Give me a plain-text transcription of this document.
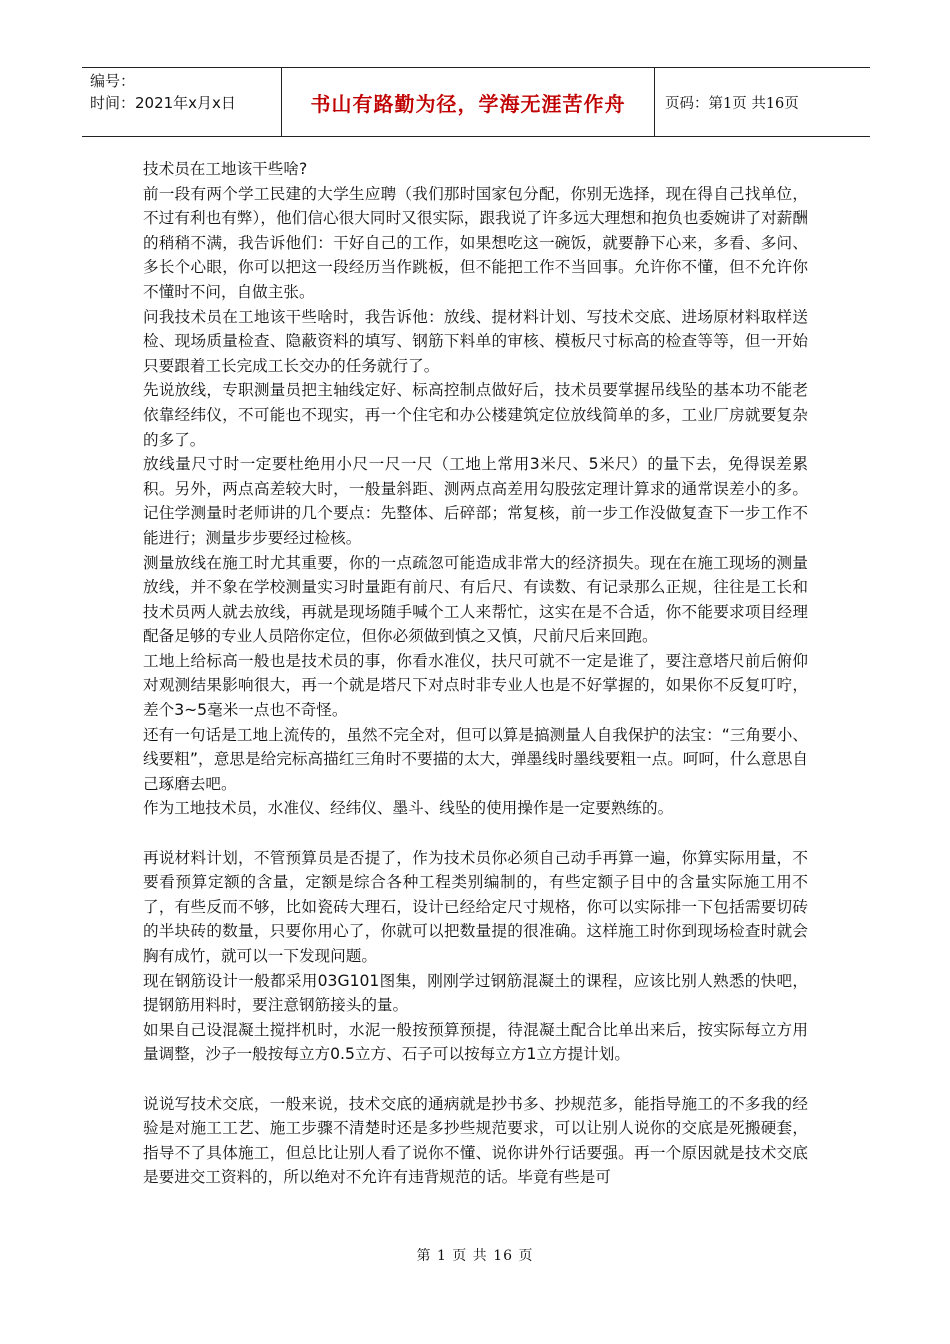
编号：
时间：2021年x月x日	书山有路勤为径，学海无涯苦作舟	页码：第1页 共16页

技术员在工地该干些啥?

前一段有两个学工民建的大学生应聘（我们那时国家包分配，你别无选择，现在得自己找单位，不过有利也有弊），他们信心很大同时又很实际，跟我说了许多远大理想和抱负也委婉讲了对薪酬的稍稍不满，我告诉他们：干好自己的工作，如果想吃这一碗饭，就要静下心来，多看、多问、多长个心眼，你可以把这一段经历当作跳板，但不能把工作不当回事。允许你不懂，但不允许你不懂时不问，自做主张。

问我技术员在工地该干些啥时，我告诉他：放线、提材料计划、写技术交底、进场原材料取样送检、现场质量检查、隐蔽资料的填写、钢筋下料单的审核、模板尺寸标高的检查等等，但一开始只要跟着工长完成工长交办的任务就行了。

先说放线，专职测量员把主轴线定好、标高控制点做好后，技术员要掌握吊线坠的基本功不能老依靠经纬仪，不可能也不现实，再一个住宅和办公楼建筑定位放线简单的多，工业厂房就要复杂的多了。

放线量尺寸时一定要杜绝用小尺一尺一尺（工地上常用3米尺、5米尺）的量下去，免得误差累积。另外，两点高差较大时，一般量斜距、测两点高差用勾股弦定理计算求的通常误差小的多。记住学测量时老师讲的几个要点：先整体、后碎部；常复核，前一步工作没做复查下一步工作不能进行；测量步步要经过检核。

测量放线在施工时尤其重要，你的一点疏忽可能造成非常大的经济损失。现在在施工现场的测量放线，并不象在学校测量实习时量距有前尺、有后尺、有读数、有记录那么正规，往往是工长和技术员两人就去放线，再就是现场随手喊个工人来帮忙，这实在是不合适，你不能要求项目经理配备足够的专业人员陪你定位，但你必须做到慎之又慎，尺前尺后来回跑。

工地上给标高一般也是技术员的事，你看水准仪，扶尺可就不一定是谁了，要注意塔尺前后俯仰对观测结果影响很大，再一个就是塔尺下对点时非专业人也是不好掌握的，如果你不反复叮咛，差个3~5毫米一点也不奇怪。

还有一句话是工地上流传的，虽然不完全对，但可以算是搞测量人自我保护的法宝：“三角要小、线要粗”，意思是给完标高描红三角时不要描的太大，弹墨线时墨线要粗一点。呵呵，什么意思自己琢磨去吧。

作为工地技术员，水准仪、经纬仪、墨斗、线坠的使用操作是一定要熟练的。

再说材料计划，不管预算员是否提了，作为技术员你必须自己动手再算一遍，你算实际用量，不要看预算定额的含量，定额是综合各种工程类别编制的，有些定额子目中的含量实际施工用不了，有些反而不够，比如瓷砖大理石，设计已经给定尺寸规格，你可以实际排一下包括需要切砖的半块砖的数量，只要你用心了，你就可以把数量提的很准确。这样施工时你到现场检查时就会胸有成竹，就可以一下发现问题。

现在钢筋设计一般都采用03G101图集，刚刚学过钢筋混凝土的课程，应该比别人熟悉的快吧，提钢筋用料时，要注意钢筋接头的量。

如果自己设混凝土搅拌机时，水泥一般按预算预提，待混凝土配合比单出来后，按实际每立方用量调整，沙子一般按每立方0.5立方、石子可以按每立方1立方提计划。

说说写技术交底，一般来说，技术交底的通病就是抄书多、抄规范多，能指导施工的不多我的经验是对施工工艺、施工步骤不清楚时还是多抄些规范要求，可以让别人说你的交底是死搬硬套，指导不了具体施工，但总比让别人看了说你不懂、说你讲外行话要强。再一个原因就是技术交底是要进交工资料的，所以绝对不允许有违背规范的话。毕竟有些是可

第 1 页 共 16 页
